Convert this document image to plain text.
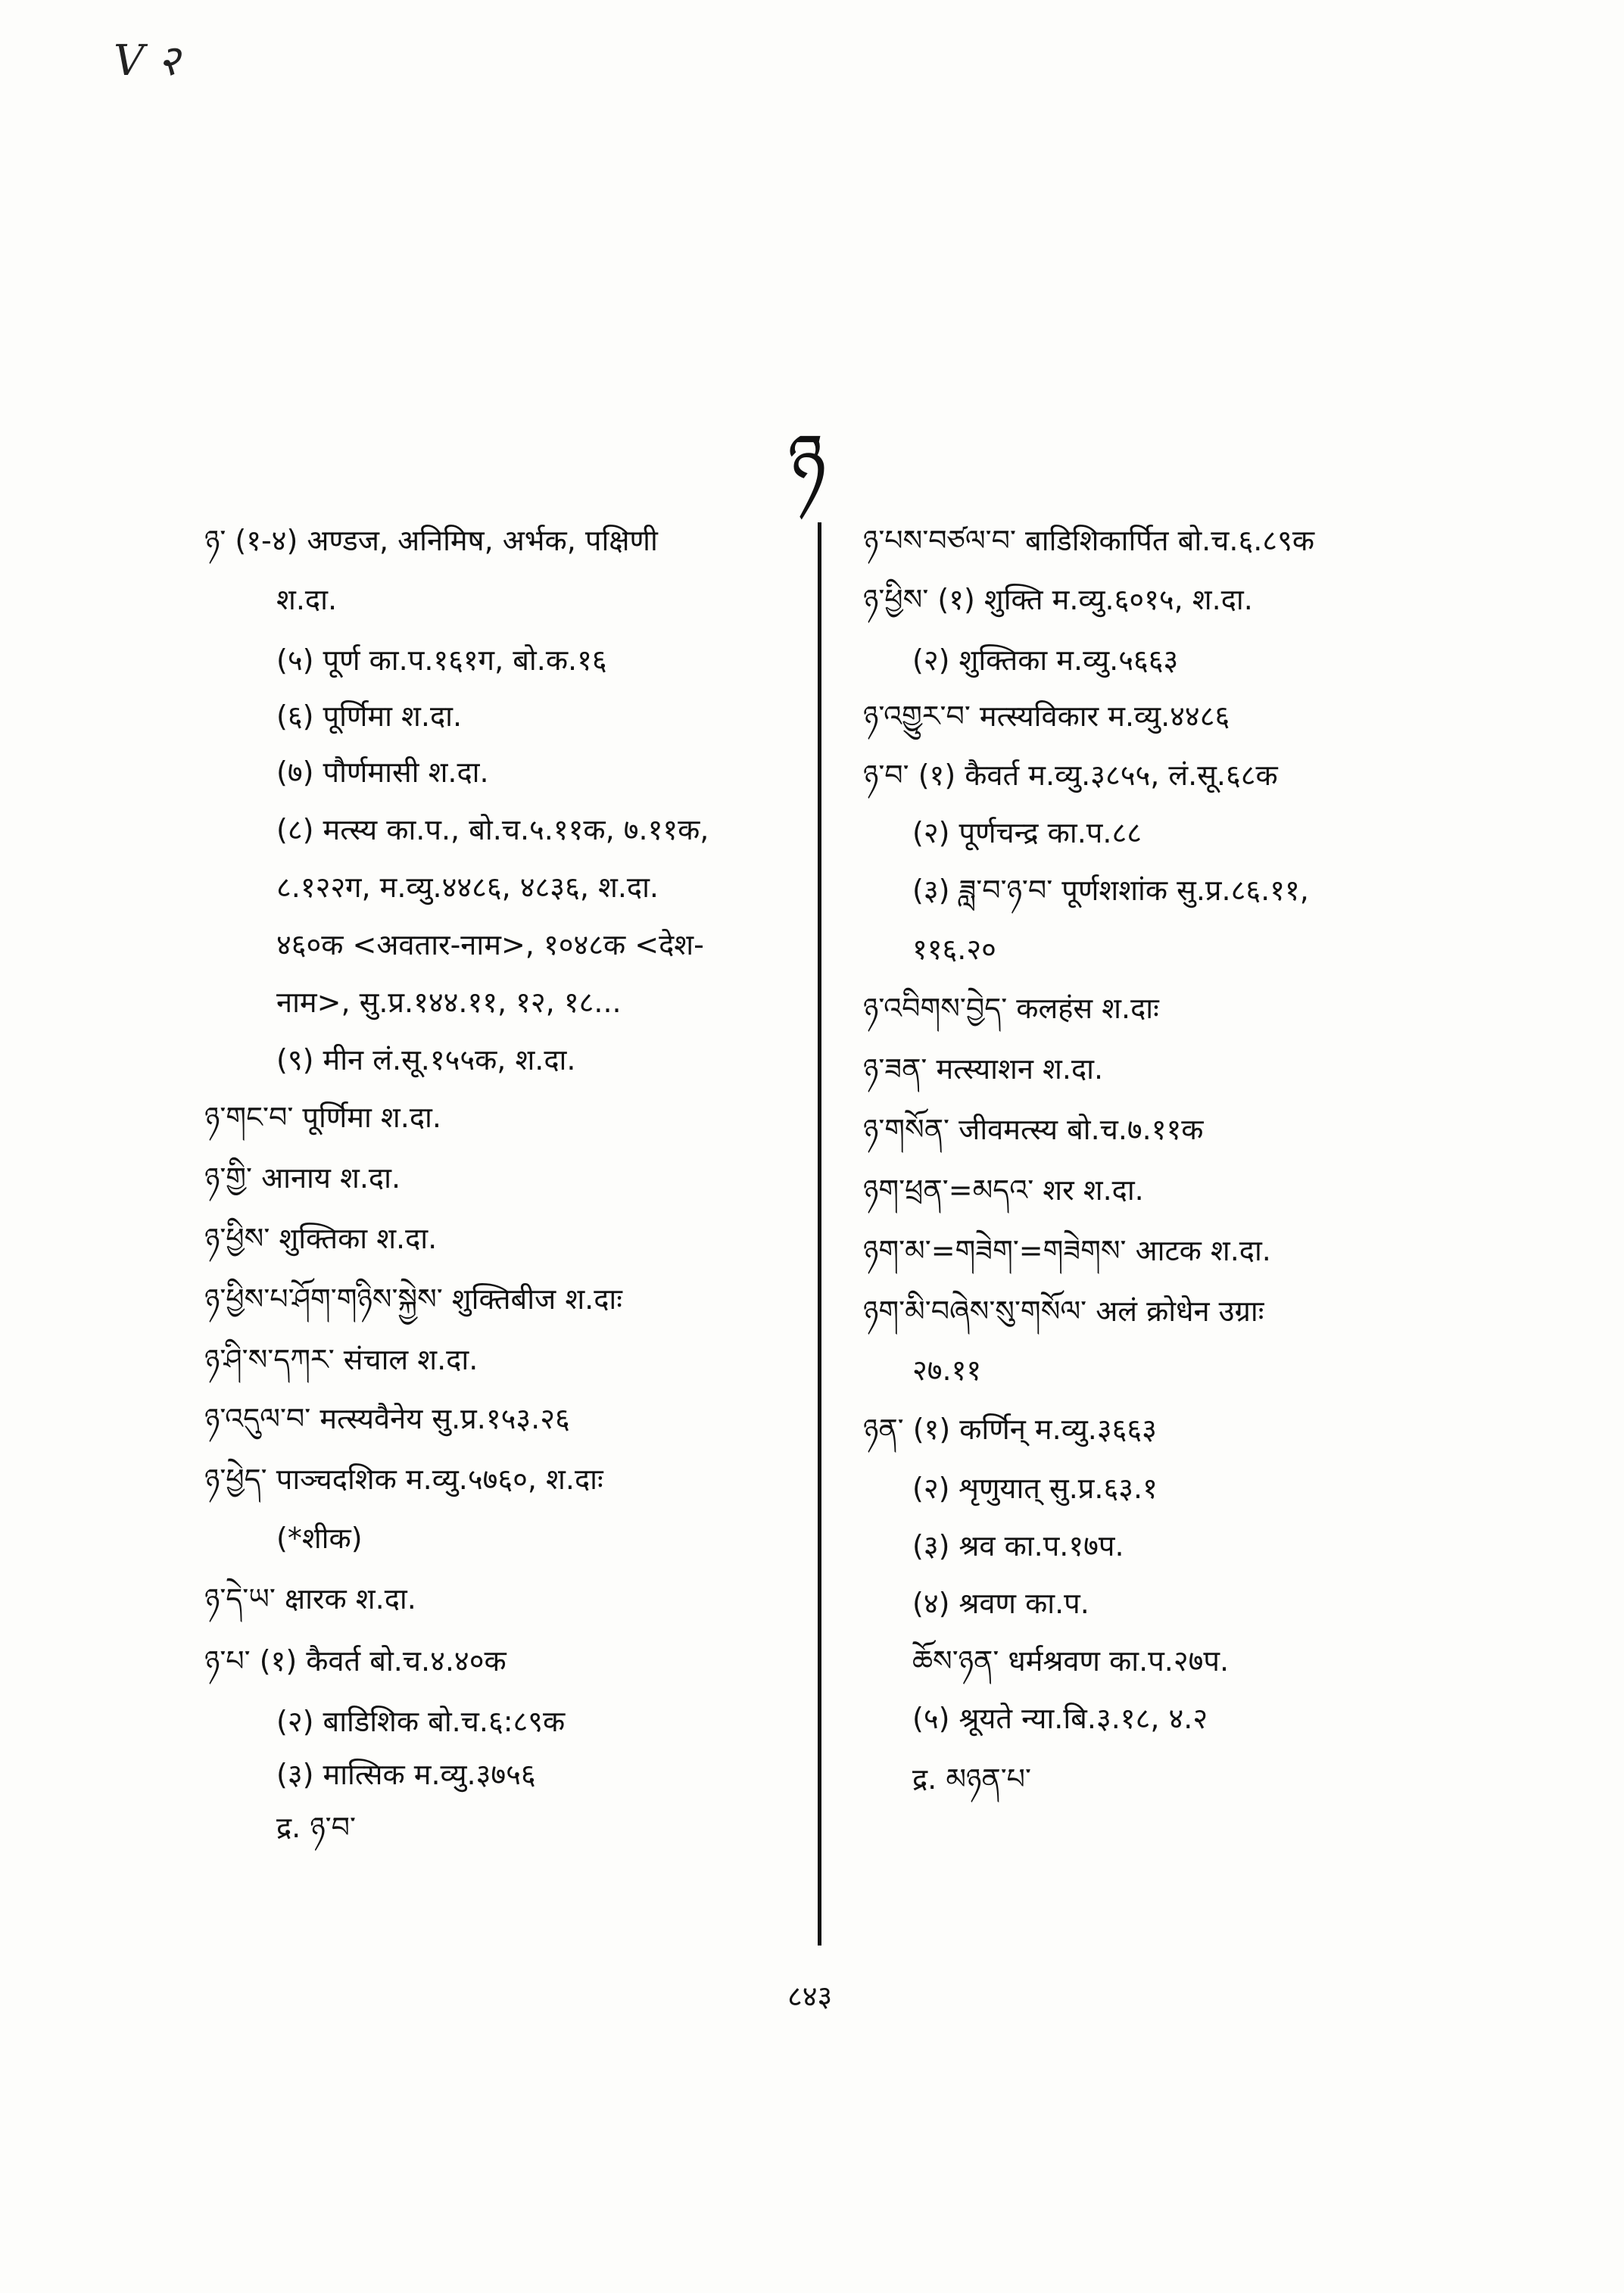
V २
ཉ
ཉ་ (१-४) अण्डज, अनिमिष, अर्भक, पक्षिणी
श.दा.
(५) पूर्ण का.प.१६१ग, बो.क.१६
(६) पूर्णिमा श.दा.
(७) पौर्णमासी श.दा.
(८) मत्स्य का.प., बो.च.५.११क, ७.११क,
८.१२२ग, म.व्यु.४४८६, ४८३६, श.दा.
४६०क <अवतार-नाम>, १०४८क <देश-
नाम>, सु.प्र.१४४.११, १२, १८...
(९) मीन लं.सू.१५५क, श.दा.
ཉ་གང་བ་ पूर्णिमा श.दा.
ཉ་གྱི་ आनाय श.दा.
ཉ་ཕྱིས་ शुक्तिका श.दा.
ཉ་ཕྱིས་པ་ཤོག་གཉིས་སྐྱེས་ शुक्तिबीज श.दाः
ཉ་ཤི་ས་དཀར་ संचाल श.दा.
ཉ་འདུལ་བ་ मत्स्यवैनेय सु.प्र.१५३.२६
ཉ་ཕྱེད་ पाञ्चदशिक म.व्यु.५७६०, श.दाः
(*शीक)
ཉ་དེ་ཡ་ क्षारक श.दा.
ཉ་པ་ (१) कैवर्त बो.च.४.४०क
(२) बाडिशिक बो.च.६:८९क
(३) मात्सिक म.व्यु.३७५६
द्र. ཉ་བ་
ཉ་པས་བཙལ་བ་ बाडिशिकार्पित बो.च.६.८९क
ཉ་ཕྱིས་ (१) शुक्ति म.व्यु.६०१५, श.दा.
(२) शुक्तिका म.व्यु.५६६३
ཉ་འགྱུར་བ་ मत्स्यविकार म.व्यु.४४८६
ཉ་བ་ (१) कैवर्त म.व्यु.३८५५, लं.सू.६८क
(२) पूर्णचन्द्र का.प.८८
(३) ཟླ་བ་ཉ་བ་ पूर्णशशांक सु.प्र.८६.११,
११६.२०
ཉ་འབིགས་བྱེད་ कलहंस श.दाः
ཉ་ཟན་ मत्स्याशन श.दा.
ཉ་གསོན་ जीवमत्स्य बो.च.७.११क
ཉག་ཕྲན་=མདའ་ शर श.दा.
ཉག་མ་=གཟེག་=གཟེགས་ आटक श.दा.
ཉག་མི་བཞེས་སུ་གསོལ་ अलं क्रोधेन उग्राः
२७.११
ཉན་ (१) कर्णिन् म.व्यु.३६६३
(२) शृणुयात् सु.प्र.६३.१
(३) श्रव का.प.१७प.
(४) श्रवण का.प.
ཆོས་ཉན་ धर्मश्रवण का.प.२७प.
(५) श्रूयते न्या.बि.३.१८, ४.२
द्र. མཉན་པ་
८४३
